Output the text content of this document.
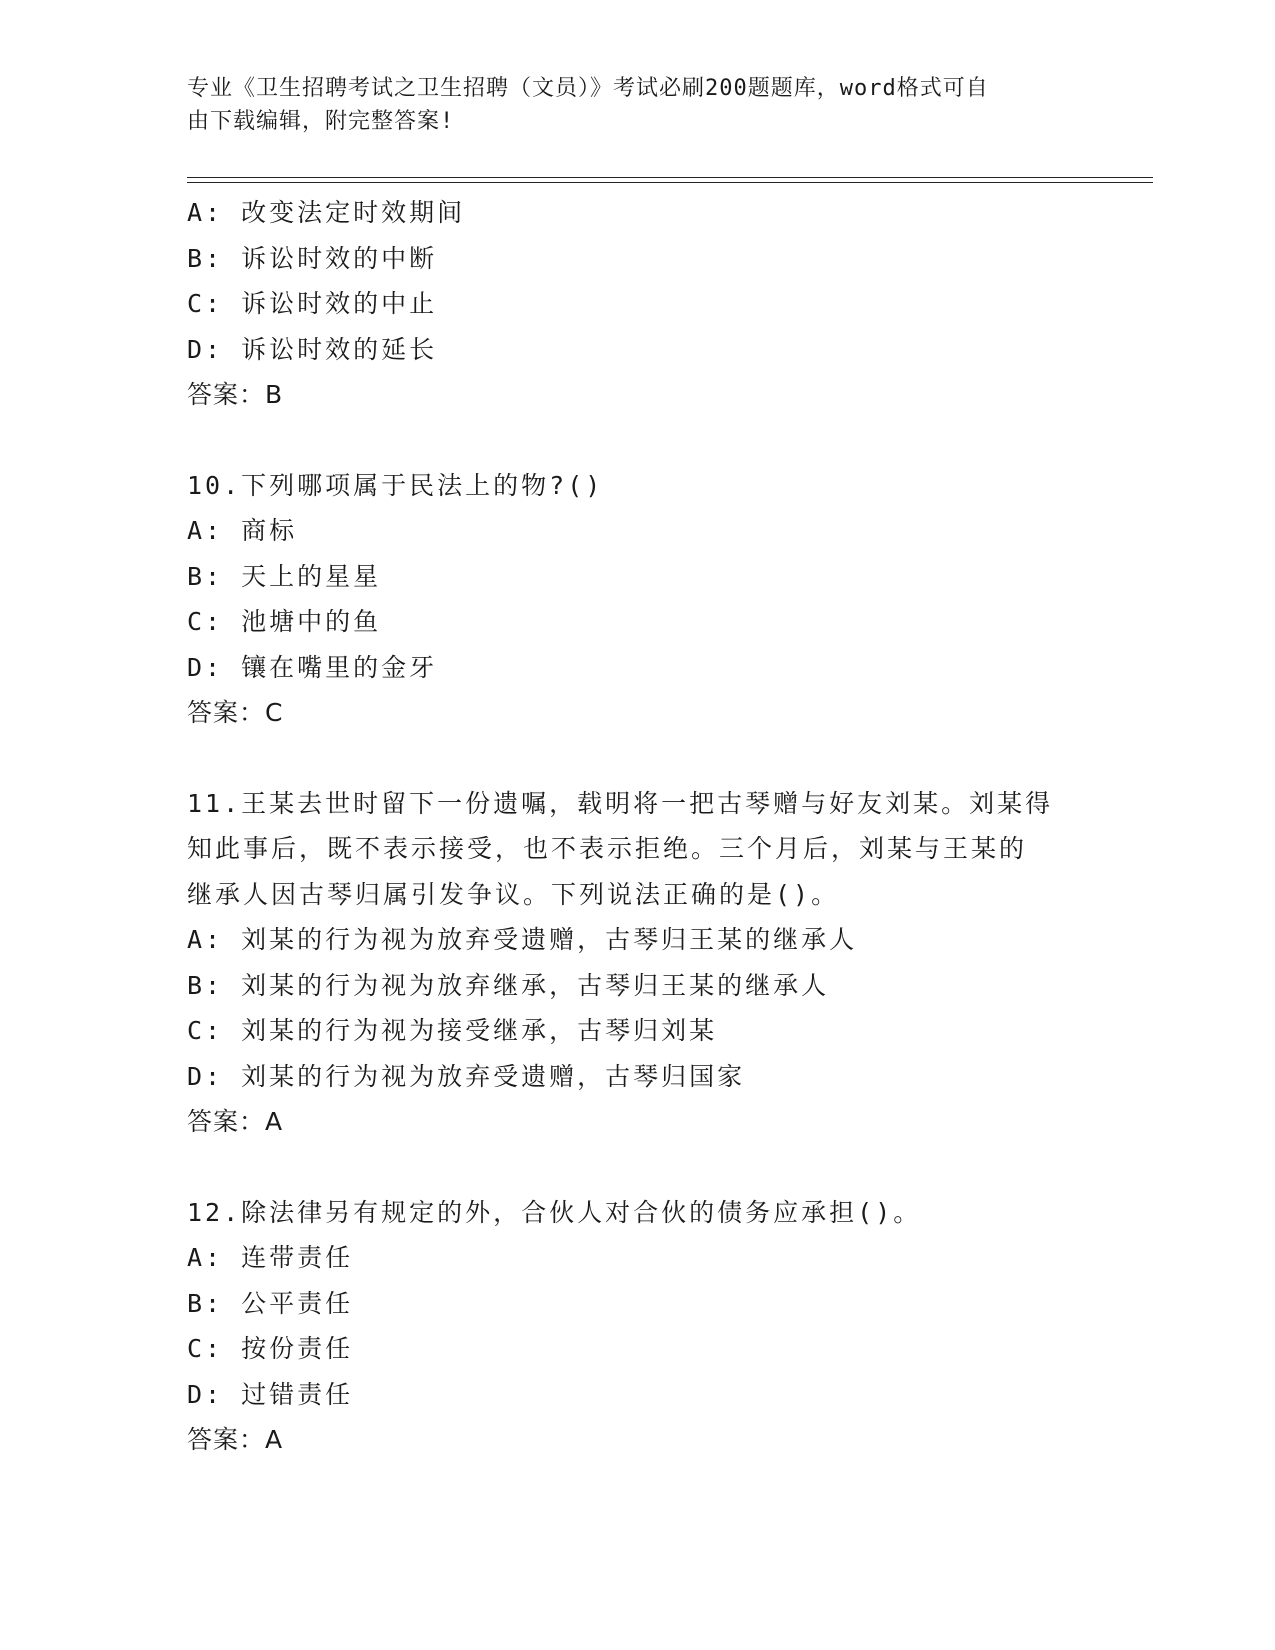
专业《卫生招聘考试之卫生招聘（文员）》考试必刷200题题库，word格式可自
由下载编辑，附完整答案!
A: 改变法定时效期间
B: 诉讼时效的中断
C: 诉讼时效的中止
D: 诉讼时效的延长
答案：B
10.下列哪项属于民法上的物?()
A: 商标
B: 天上的星星
C: 池塘中的鱼
D: 镶在嘴里的金牙
答案：C
11.王某去世时留下一份遗嘱，载明将一把古琴赠与好友刘某。刘某得
知此事后，既不表示接受，也不表示拒绝。三个月后，刘某与王某的
继承人因古琴归属引发争议。下列说法正确的是()。
A: 刘某的行为视为放弃受遗赠，古琴归王某的继承人
B: 刘某的行为视为放弃继承，古琴归王某的继承人
C: 刘某的行为视为接受继承，古琴归刘某
D: 刘某的行为视为放弃受遗赠，古琴归国家
答案：A
12.除法律另有规定的外，合伙人对合伙的债务应承担()。
A: 连带责任
B: 公平责任
C: 按份责任
D: 过错责任
答案：A
